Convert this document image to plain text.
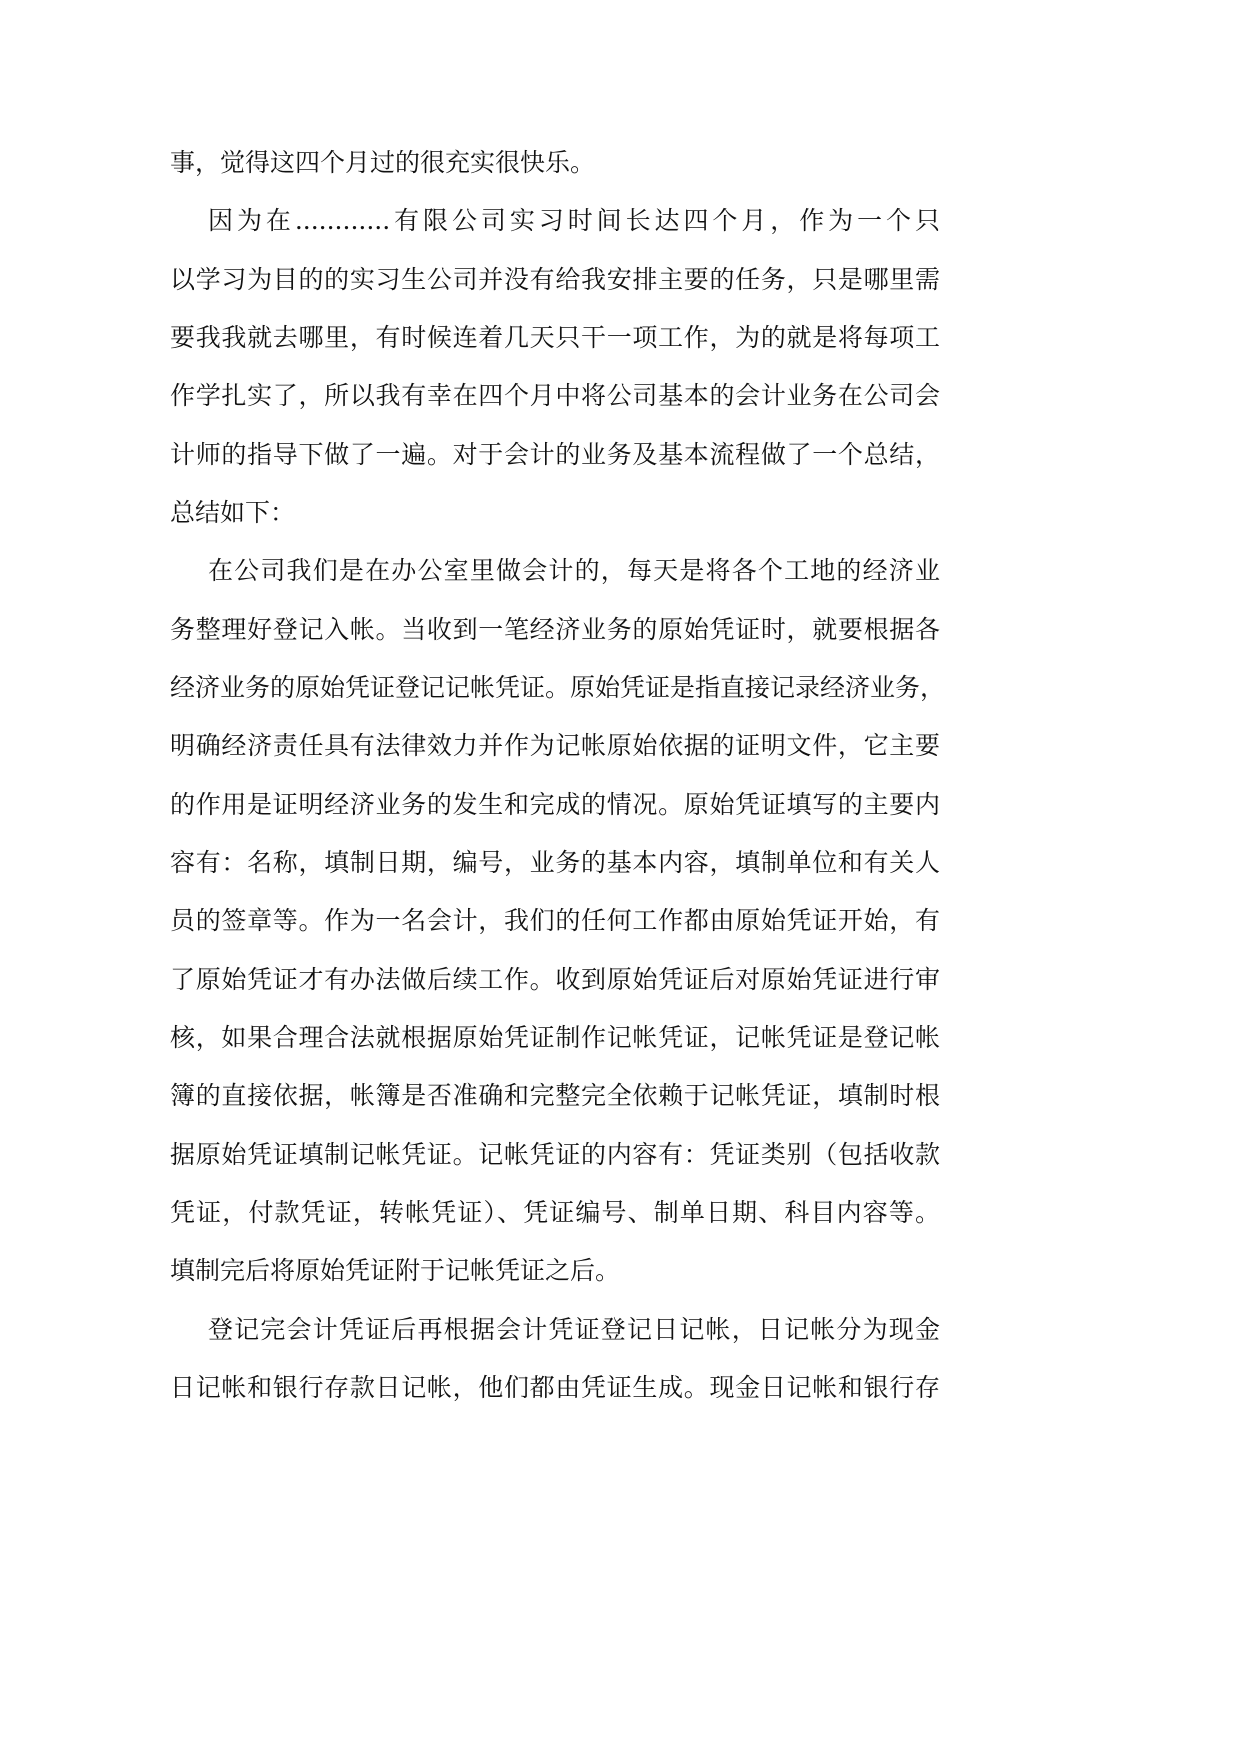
事，觉得这四个月过的很充实很快乐。
因为在............有限公司实习时间长达四个月，作为一个只
以学习为目的的实习生公司并没有给我安排主要的任务，只是哪里需
要我我就去哪里，有时候连着几天只干一项工作，为的就是将每项工
作学扎实了，所以我有幸在四个月中将公司基本的会计业务在公司会
计师的指导下做了一遍。对于会计的业务及基本流程做了一个总结，
总结如下：
在公司我们是在办公室里做会计的，每天是将各个工地的经济业
务整理好登记入帐。当收到一笔经济业务的原始凭证时，就要根据各
经济业务的原始凭证登记记帐凭证。原始凭证是指直接记录经济业务，
明确经济责任具有法律效力并作为记帐原始依据的证明文件，它主要
的作用是证明经济业务的发生和完成的情况。原始凭证填写的主要内
容有：名称，填制日期，编号，业务的基本内容，填制单位和有关人
员的签章等。作为一名会计，我们的任何工作都由原始凭证开始，有
了原始凭证才有办法做后续工作。收到原始凭证后对原始凭证进行审
核，如果合理合法就根据原始凭证制作记帐凭证，记帐凭证是登记帐
簿的直接依据，帐簿是否准确和完整完全依赖于记帐凭证，填制时根
据原始凭证填制记帐凭证。记帐凭证的内容有：凭证类别（包括收款
凭证，付款凭证，转帐凭证）、凭证编号、制单日期、科目内容等。
填制完后将原始凭证附于记帐凭证之后。
登记完会计凭证后再根据会计凭证登记日记帐，日记帐分为现金
日记帐和银行存款日记帐，他们都由凭证生成。现金日记帐和银行存
